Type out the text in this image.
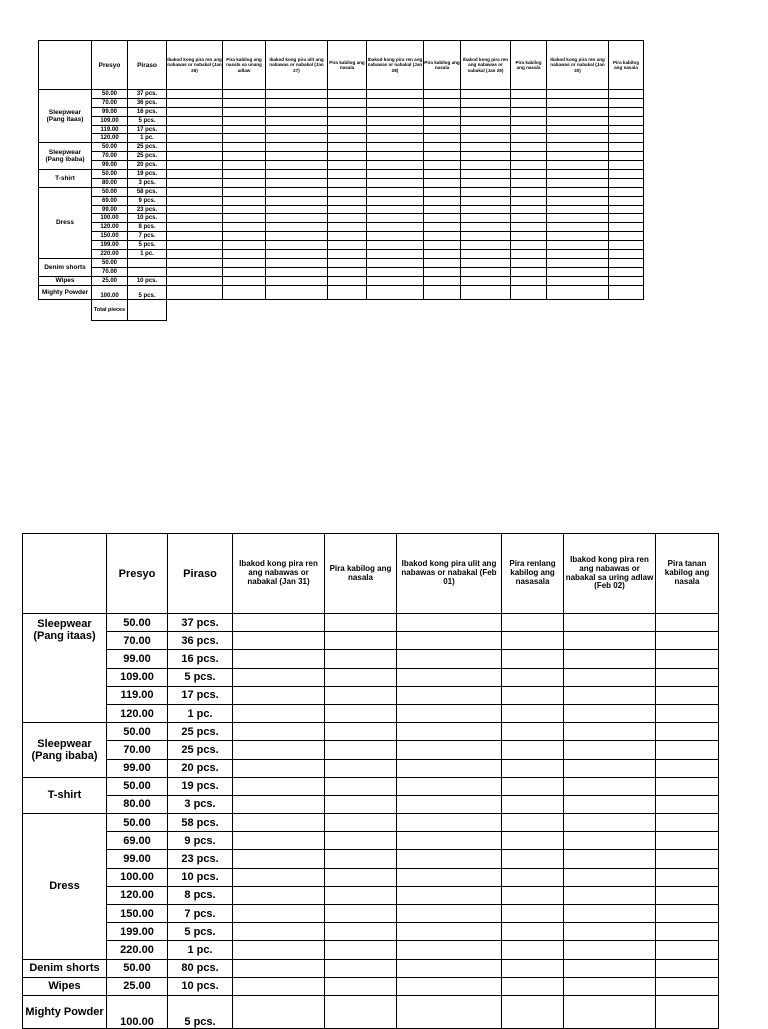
	Presyo	Piraso	Ibakod kong pira ren ang nabawas or nabakal (Jan 26)	Pira kabilog ang nasala sa unang adlaw	Ibakod kong pira ulit ang nabawas or nabakal (Jan 27)	Pira kabilog ang nasala	Ibakod kong pira ren ang nabawas or nabakal (Jan 28)	Pira kabilog ang nasala	Ibakod kong pira ren ang nabawas or nabakal (Jan 29)	Pira kabilog ang nasala	Ibakod kong pira ren ang nabawas or nabakal (Jan 30)	Pira kabilog ang nasala
Sleepwear (Pang itaas)	50.00	37 pcs.										
	70.00	36 pcs.										
	99.00	16 pcs.										
	109.00	5 pcs.										
	119.00	17 pcs.										
	120.00	1 pc.										
Sleepwear (Pang ibaba)	50.00	25 pcs.										
	70.00	25 pcs.										
	99.00	20 pcs.										
T-shirt	50.00	19 pcs.										
	80.00	3 pcs.										
Dress	50.00	58 pcs.										
	69.00	9 pcs.										
	99.00	23 pcs.										
	100.00	10 pcs.										
	120.00	8 pcs.										
	150.00	7 pcs.										
	199.00	5 pcs.										
	220.00	1 pc.										
Denim shorts	50.00											
	70.00											
Wipes	25.00	10 pcs.										
Mighty Powder	100.00	5 pcs.										
	Total pieces											
	Presyo	Piraso	Ibakod kong pira ren ang nabawas or nabakal (Jan 31)	Pira kabilog ang nasala	Ibakod kong pira ulit ang nabawas or nabakal (Feb 01)	Pira renlang kabilog ang nasasala	Ibakod kong pira ren ang nabawas or nabakal sa uring adlaw (Feb 02)	Pira tanan kabilog ang nasala
Sleepwear (Pang itaas)	50.00	37 pcs.						
	70.00	36 pcs.						
	99.00	16 pcs.						
	109.00	5 pcs.						
	119.00	17 pcs.						
	120.00	1 pc.						
Sleepwear (Pang ibaba)	50.00	25 pcs.						
	70.00	25 pcs.						
	99.00	20 pcs.						
T-shirt	50.00	19 pcs.						
	80.00	3 pcs.						
Dress	50.00	58 pcs.						
	69.00	9 pcs.						
	99.00	23 pcs.						
	100.00	10 pcs.						
	120.00	8 pcs.						
	150.00	7 pcs.						
	199.00	5 pcs.						
	220.00	1 pc.						
Denim shorts	50.00	80 pcs.						
Wipes	25.00	10 pcs.						
Mighty Powder	100.00	5 pcs.						
